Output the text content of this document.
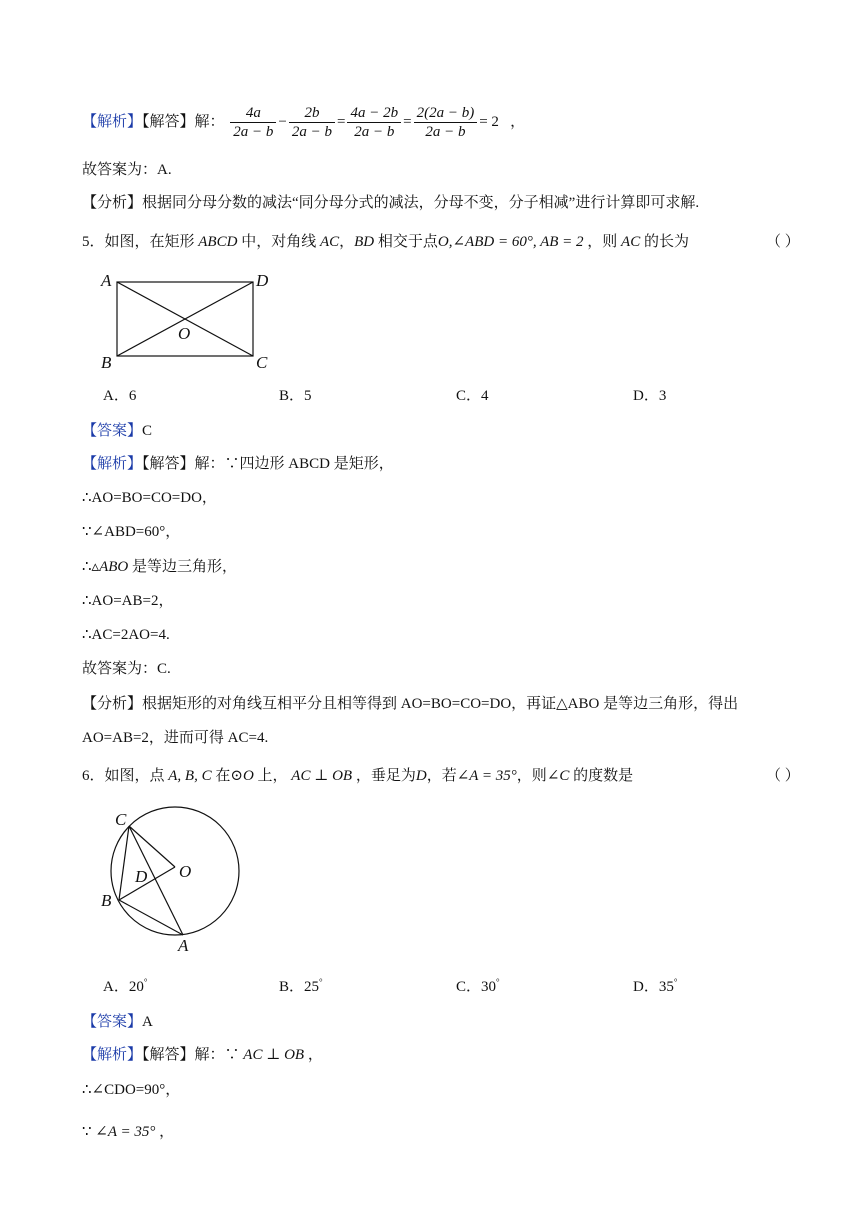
【解析】【解答】解： $\frac{4a}{2a - b} - \frac{2b}{2a - b} = \frac{4a - 2b}{2a - b} = \frac{2(2a - b)}{2a - b} = 2$ ，
故答案为：A.
【分析】根据同分母分数的减法“同分母分式的减法，分母不变，分子相减”进行计算即可求解.
5．如图，在矩形 ABCD 中，对角线 AC，BD 相交于点O,∠ABD = 60°, AB = 2 ，则 AC 的长为	（ ）
A	D
B	C
O
A．6	B．5	C．4	D．3
【答案】C
【解析】【解答】解：∵四边形 ABCD 是矩形，
∴AO=BO=CO=DO，
∵∠ABD=60°，
∴▵ABO 是等边三角形，
∴AO=AB=2，
∴AC=2AO=4.
故答案为：C.
【分析】根据矩形的对角线互相平分且相等得到 AO=BO=CO=DO，再证△ABO 是等边三角形，得出
AO=AB=2，进而可得 AC=4.
6．如图，点 A, B, C 在⊙O 上， AC ⊥ OB ，垂足为D，若∠A = 35°，则∠C 的度数是	（ ）
C
O
D
B
A
A．20°	B．25°	C．30°	D．35°
【答案】A
【解析】【解答】解：∵ AC ⊥ OB ，
∴∠CDO=90°，
∵ ∠A = 35° ，
